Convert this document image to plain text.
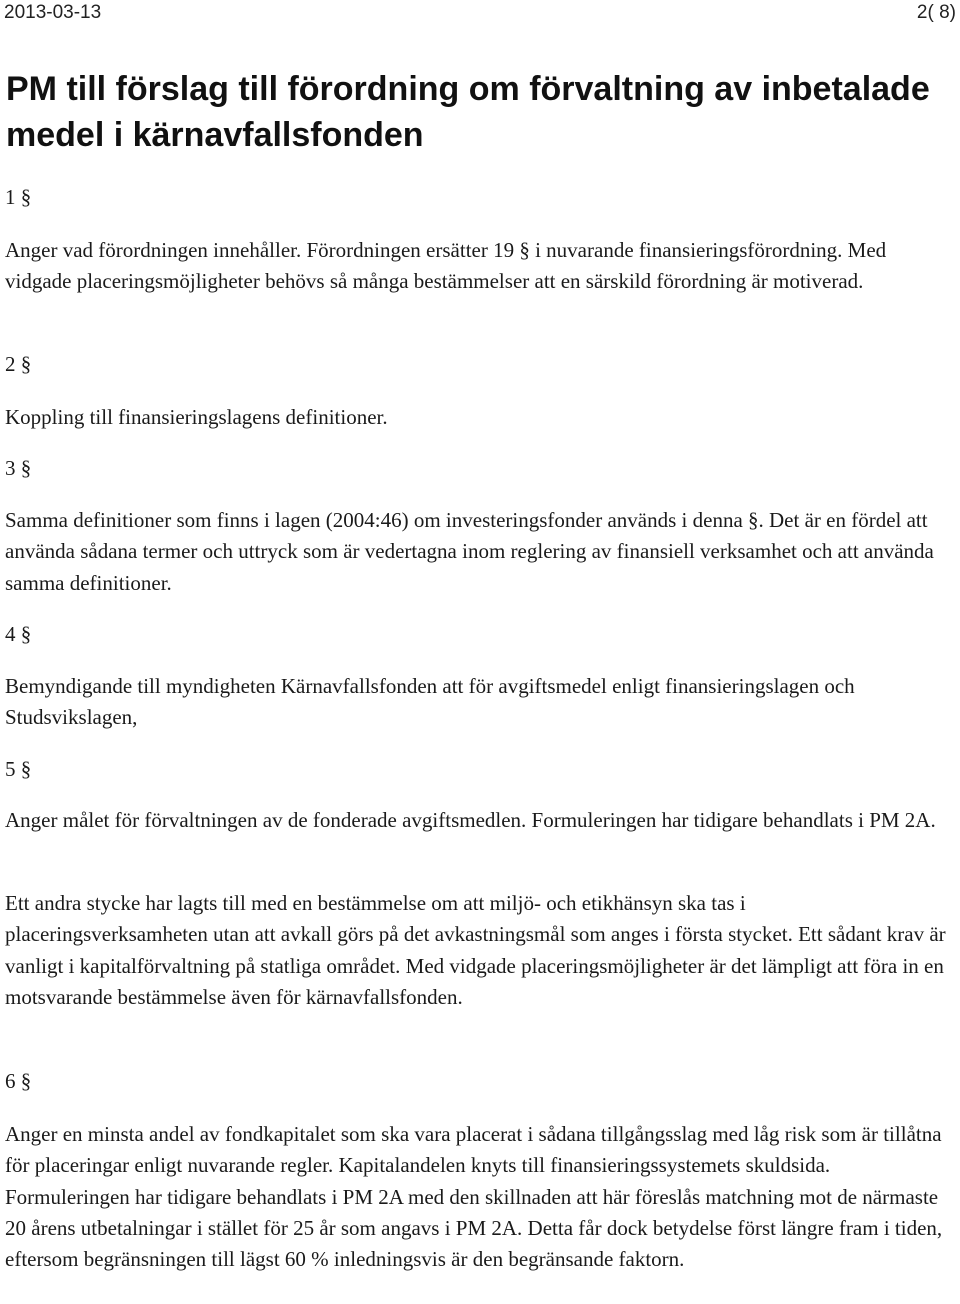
2013-03-13	2( 8)
PM till förslag till förordning om förvaltning av inbetalade medel i kärnavfallsfonden
1 §

Anger vad förordningen innehåller. Förordningen ersätter 19 § i nuvarande finansieringsförordning. Med vidgade placeringsmöjligheter behövs så många bestämmelser att en särskild förordning är motiverad.

2 §

Koppling till finansieringslagens definitioner.

3 §

Samma definitioner som finns i lagen (2004:46) om investeringsfonder används i denna §. Det är en fördel att använda sådana termer och uttryck som är vedertagna inom reglering av finansiell verksamhet och att använda samma definitioner.

4 §

Bemyndigande till myndigheten Kärnavfallsfonden att för avgiftsmedel enligt finansieringslagen och Studsvikslagen,

5 §

Anger målet för förvaltningen av de fonderade avgiftsmedlen. Formuleringen har tidigare behandlats i PM 2A.

Ett andra stycke har lagts till med en bestämmelse om att miljö- och etikhänsyn ska tas i placeringsverksamheten utan att avkall görs på det avkastningsmål som anges i första stycket. Ett sådant krav är vanligt i kapitalförvaltning på statliga området. Med vidgade placeringsmöjligheter är det lämpligt att föra in en motsvarande bestämmelse även för kärnavfallsfonden.

6 §

Anger en minsta andel av fondkapitalet som ska vara placerat i sådana tillgångsslag med låg risk som är tillåtna för placeringar enligt nuvarande regler. Kapitalandelen knyts till finansieringssystemets skuldsida. Formuleringen har tidigare behandlats i PM 2A med den skillnaden att här föreslås matchning mot de närmaste 20 årens utbetalningar i stället för 25 år som angavs i PM 2A. Detta får dock betydelse först längre fram i tiden, eftersom begränsningen till lägst 60 % inledningsvis är den begränsande faktorn.
